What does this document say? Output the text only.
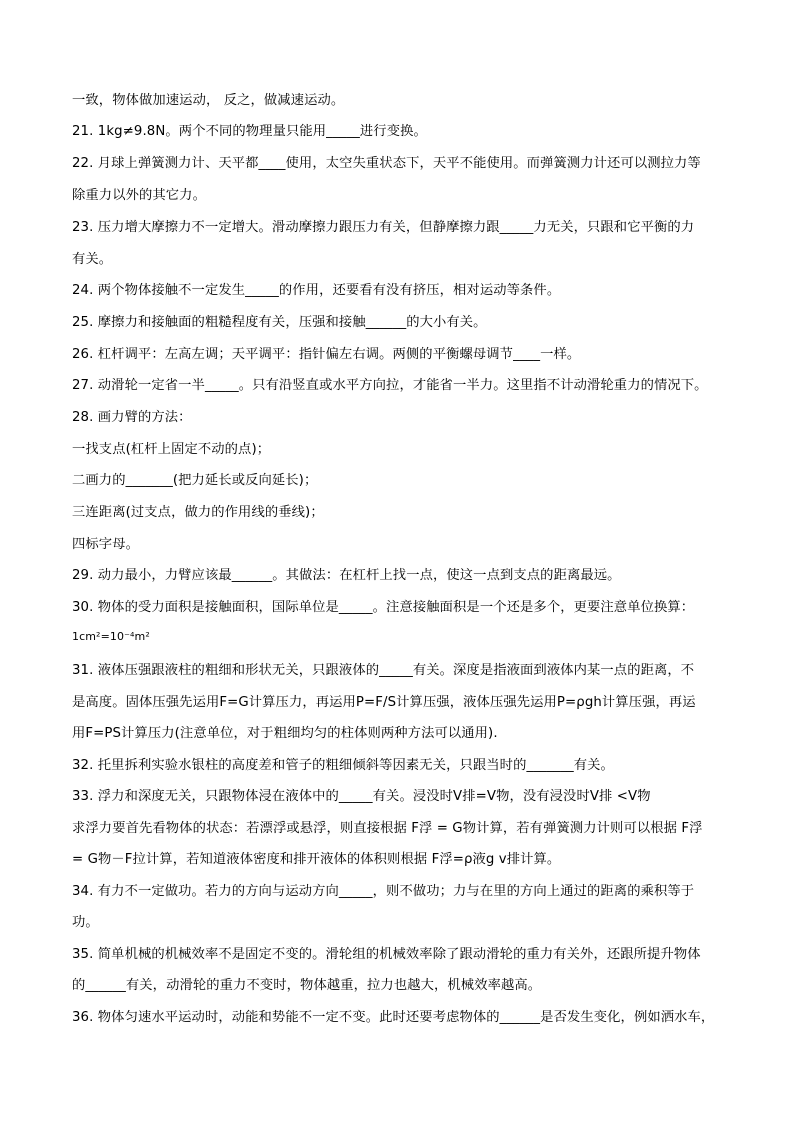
一致，物体做加速运动， 反之，做减速运动。
21. 1kg≠9.8N。两个不同的物理量只能用_____进行变换。
22. 月球上弹簧测力计、天平都____使用，太空失重状态下，天平不能使用。而弹簧测力计还可以测拉力等
除重力以外的其它力。
23. 压力增大摩擦力不一定增大。滑动摩擦力跟压力有关，但静摩擦力跟_____力无关，只跟和它平衡的力
有关。
24. 两个物体接触不一定发生_____的作用，还要看有没有挤压，相对运动等条件。
25. 摩擦力和接触面的粗糙程度有关，压强和接触______的大小有关。
26. 杠杆调平：左高左调；天平调平：指针偏左右调。两侧的平衡螺母调节____一样。
27. 动滑轮一定省一半_____。只有沿竖直或水平方向拉，才能省一半力。这里指不计动滑轮重力的情况下。
28. 画力臂的方法：
一找支点(杠杆上固定不动的点)；
二画力的_______(把力延长或反向延长)；
三连距离(过支点，做力的作用线的垂线)；
四标字母。
29. 动力最小，力臂应该最______。其做法：在杠杆上找一点，使这一点到支点的距离最远。
30. 物体的受力面积是接触面积，国际单位是_____。注意接触面积是一个还是多个，更要注意单位换算：
1cm²=10⁻⁴m²
31. 液体压强跟液柱的粗细和形状无关，只跟液体的_____有关。深度是指液面到液体内某一点的距离，不
是高度。固体压强先运用F=G计算压力，再运用P=F/S计算压强，液体压强先运用P=ρgh计算压强，再运
用F=PS计算压力(注意单位，对于粗细均匀的柱体则两种方法可以通用).
32. 托里拆利实验水银柱的高度差和管子的粗细倾斜等因素无关，只跟当时的_______有关。
33. 浮力和深度无关，只跟物体浸在液体中的_____有关。浸没时V排=V物，没有浸没时V排 <V物
求浮力要首先看物体的状态：若漂浮或悬浮，则直接根据 F浮 = G物计算，若有弹簧测力计则可以根据 F浮
= G物－F拉计算，若知道液体密度和排开液体的体积则根据 F浮=ρ液g v排计算。
34. 有力不一定做功。若力的方向与运动方向_____，则不做功；力与在里的方向上通过的距离的乘积等于
功。
35. 简单机械的机械效率不是固定不变的。滑轮组的机械效率除了跟动滑轮的重力有关外，还跟所提升物体
的______有关，动滑轮的重力不变时，物体越重，拉力也越大，机械效率越高。
36. 物体匀速水平运动时，动能和势能不一定不变。此时还要考虑物体的______是否发生变化，例如洒水车，
